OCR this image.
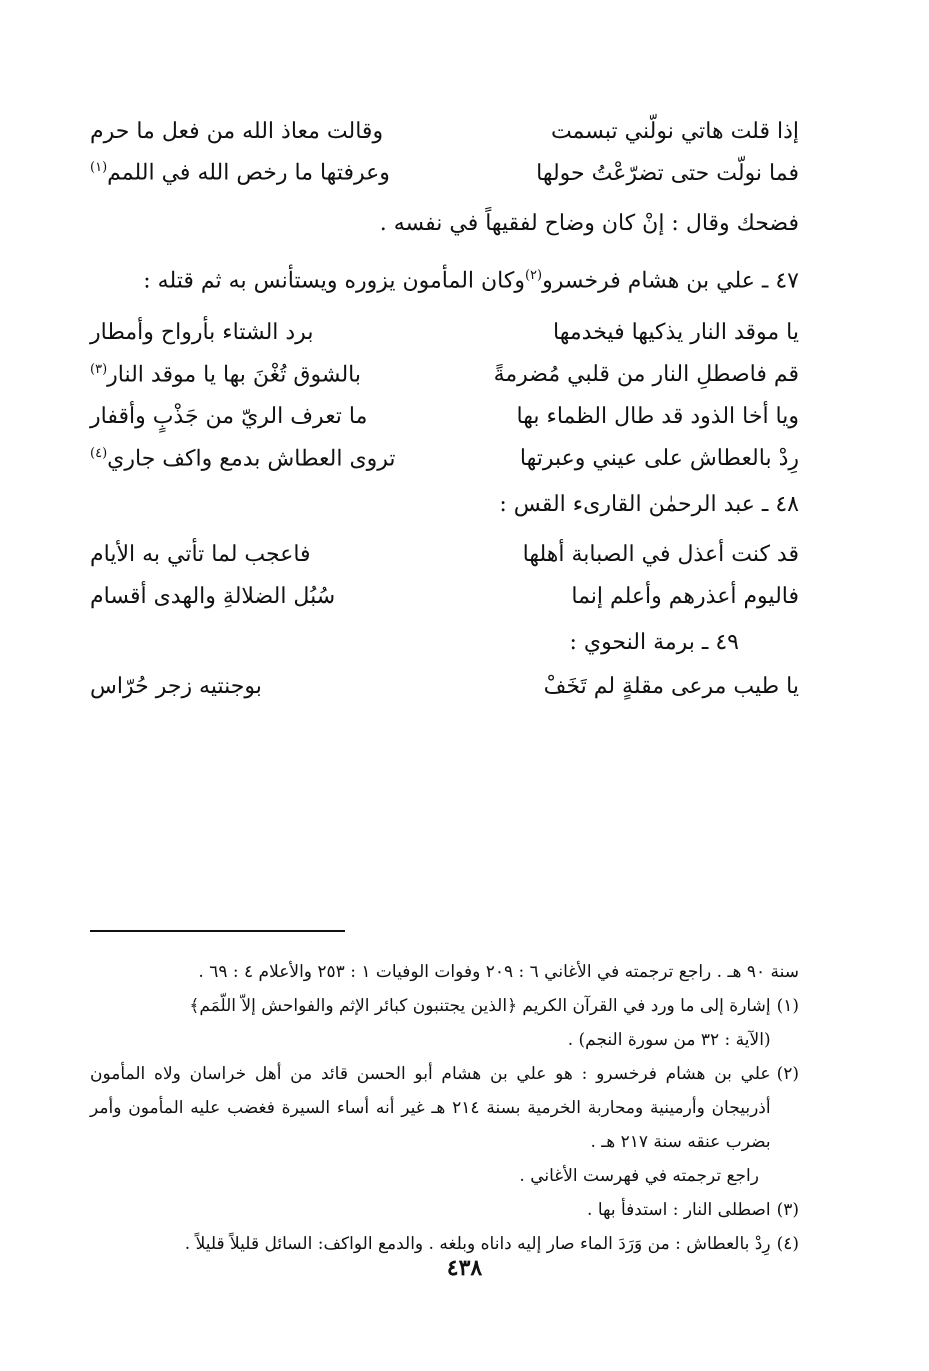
إذا قلت هاتي نولّني تبسمت
وقالت معاذ الله من فعل ما حرم
فما نولّت حتى تضرّعْتُ حولها
وعرفتها ما رخص الله في اللمم$^{(١)}$

فضحك وقال : إنْ كان وضاح لفقيهاً في نفسه .

٤٧ ـ علي بن هشام فرخسرو$^{(٢)}$وكان المأمون يزوره ويستأنس به ثم قتله :

يا موقد النار يذكيها فيخدمها
برد الشتاء بأرواح وأمطار
قم فاصطلِ النار من قلبي مُضرمةً
بالشوق تُغْنَ بها يا موقد النار$^{(٣)}$
ويا أخا الذود قد طال الظماء بها
ما تعرف الريّ من جَذْبٍ وأقفار
رِدْ بالعطاش على عيني وعبرتها
تروى العطاش بدمع واكف جاري$^{(٤)}$

٤٨ ـ عبد الرحمٰن القارىء القس :

قد كنت أعذل في الصبابة أهلها
فاعجب لما تأتي به الأيام
فاليوم أعذرهم وأعلم إنما
سُبُل الضلالةِ والهدى أقسام

٤٩ ـ برمة النحوي :

يا طيب مرعى مقلةٍ لم تَخَفْ
بوجنتيه زجر حُرّاس

سنة ٩٠ هـ . راجع ترجمته في الأغاني ٦ : ٢٠٩ وفوات الوفيات ١ : ٢٥٣ والأعلام ٤ : ٦٩ .

(١)
إشارة إلى ما ورد في القرآن الكريم ﴿الذين يجتنبون كبائر الإثم والفواحش إلاّ اللّمَم﴾
(الآية : ٣٢ من سورة النجم) .
(٢)
علي بن هشام فرخسرو : هو علي بن هشام أبو الحسن قائد من أهل خراسان ولاه المأمون أذربيجان وأرمينية ومحاربة الخرمية بسنة ٢١٤ هـ غير أنه أساء السيرة فغضب عليه المأمون وأمر بضرب عنقه سنة ٢١٧ هـ .
راجع ترجمته في فهرست الأغاني .
(٣)
اصطلى النار : استدفأ بها .
(٤)
رِدْ بالعطاش : من وَرَدَ الماء صار إليه داناه وبلغه . والدمع الواكف: السائل قليلاً قليلاً .
٤٣٨
